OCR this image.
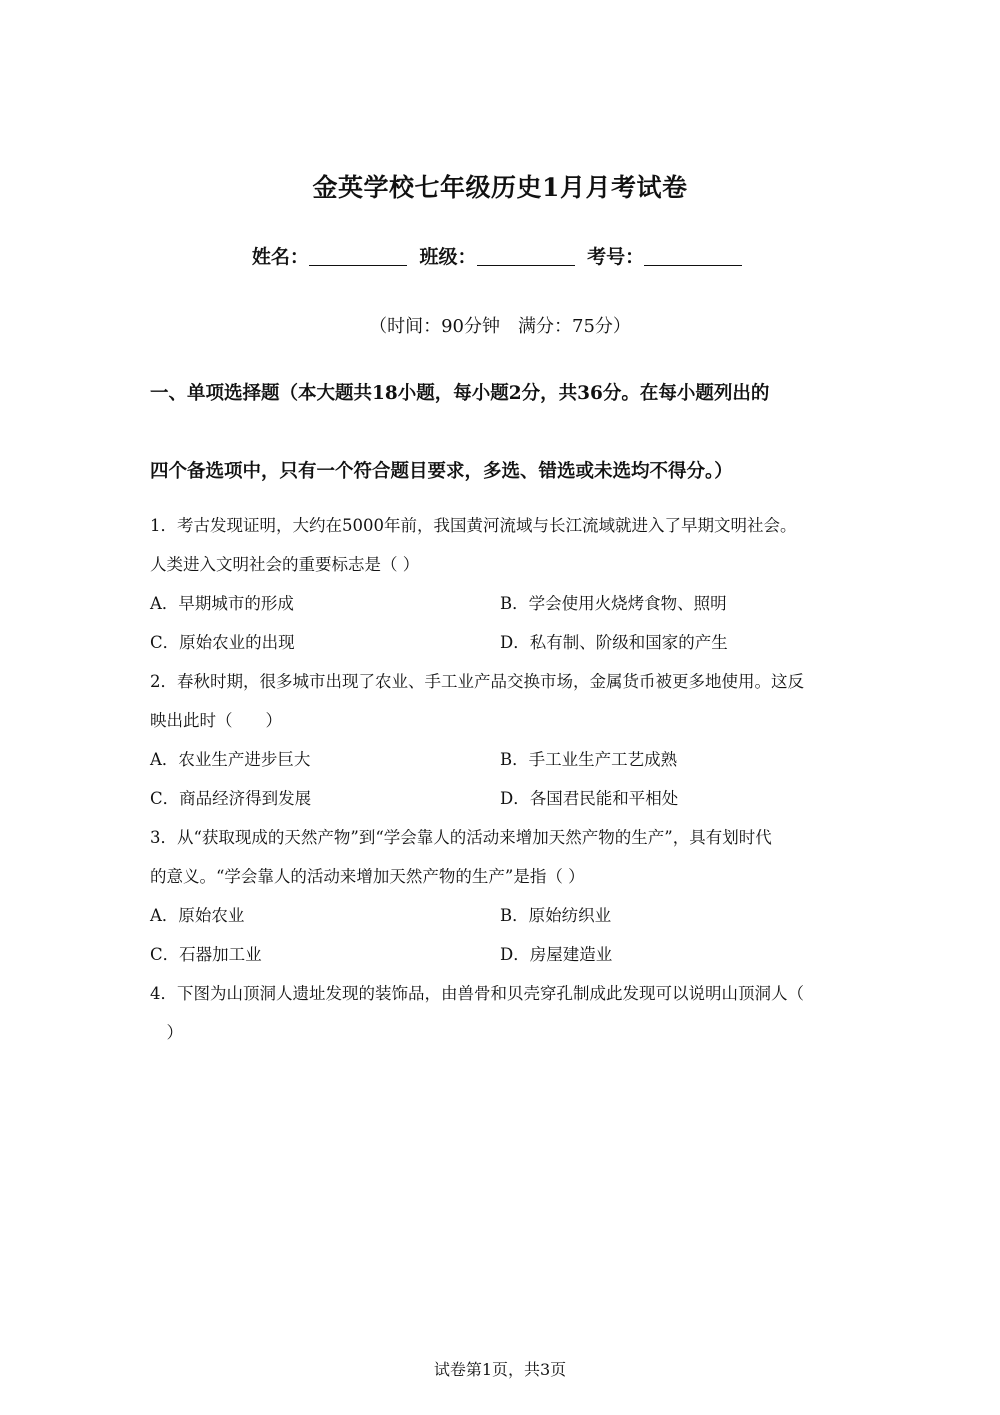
金英学校七年级历史1月月考试卷
姓名：	班级：	考号：
（时间：90分钟　满分：75分）
一、单项选择题（本大题共18小题，每小题2分，共36分。在每小题列出的
四个备选项中，只有一个符合题目要求，多选、错选或未选均不得分。）
1．考古发现证明，大约在5000年前，我国黄河流域与长江流域就进入了早期文明社会。
人类进入文明社会的重要标志是（ ）
A．早期城市的形成	B．学会使用火烧烤食物、照明
C．原始农业的出现	D．私有制、阶级和国家的产生
2．春秋时期，很多城市出现了农业、手工业产品交换市场，金属货币被更多地使用。这反
映出此时（　　）
A．农业生产进步巨大	B．手工业生产工艺成熟
C．商品经济得到发展	D．各国君民能和平相处
3．从“获取现成的天然产物”到“学会靠人的活动来增加天然产物的生产”，具有划时代
的意义。“学会靠人的活动来增加天然产物的生产”是指（ ）
A．原始农业	B．原始纺织业
C．石器加工业	D．房屋建造业
4．下图为山顶洞人遗址发现的装饰品，由兽骨和贝壳穿孔制成此发现可以说明山顶洞人（
　）
试卷第1页，共3页
